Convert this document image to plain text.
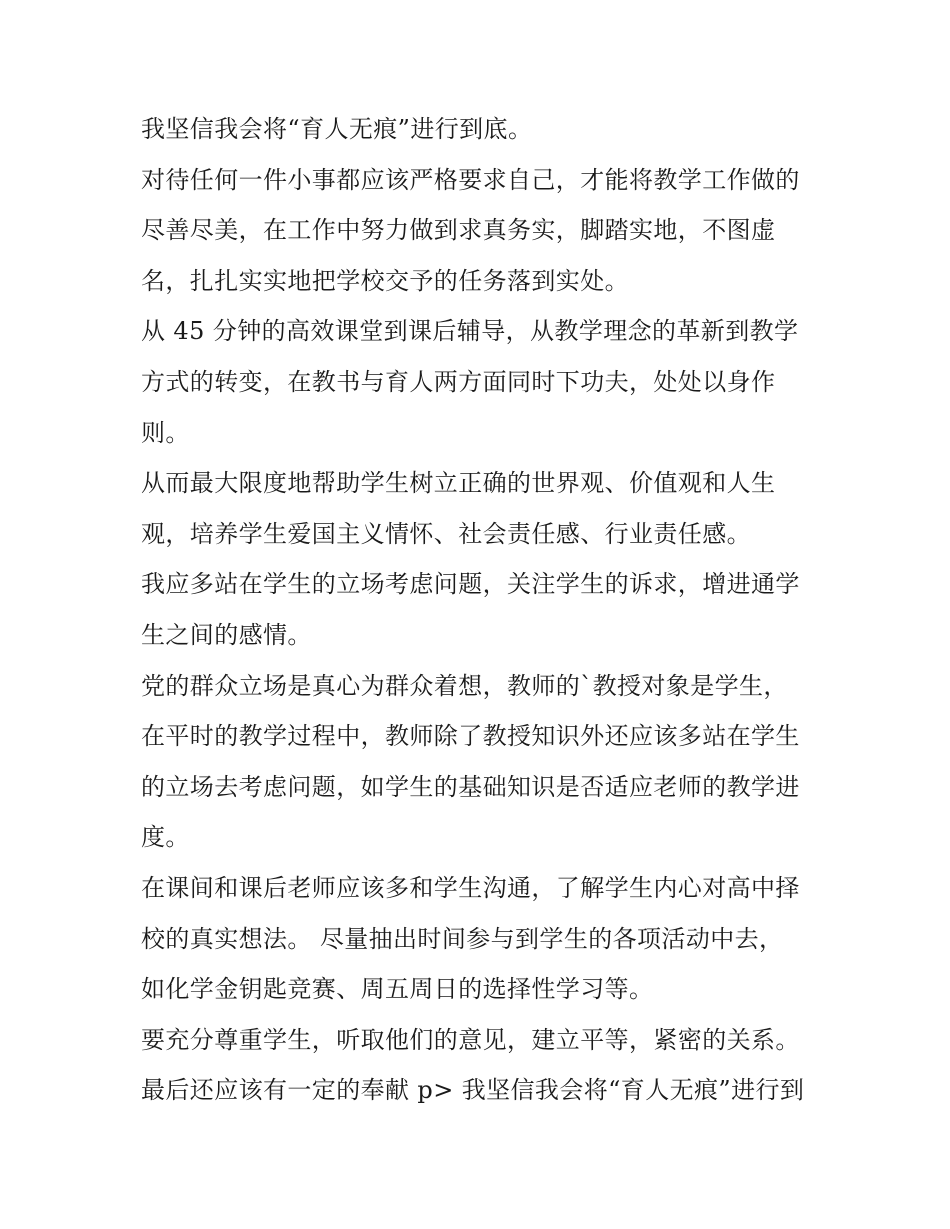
我坚信我会将“育人无痕”进行到底。
对待任何一件小事都应该严格要求自己，才能将教学工作做的
尽善尽美，在工作中努力做到求真务实，脚踏实地，不图虚
名，扎扎实实地把学校交予的任务落到实处。
从 45 分钟的高效课堂到课后辅导，从教学理念的革新到教学
方式的转变，在教书与育人两方面同时下功夫，处处以身作
则。
从而最大限度地帮助学生树立正确的世界观、价值观和人生
观，培养学生爱国主义情怀、社会责任感、行业责任感。
我应多站在学生的立场考虑问题，关注学生的诉求，增进通学
生之间的感情。
党的群众立场是真心为群众着想，教师的`教授对象是学生，
在平时的教学过程中，教师除了教授知识外还应该多站在学生
的立场去考虑问题，如学生的基础知识是否适应老师的教学进
度。
在课间和课后老师应该多和学生沟通，了解学生内心对高中择
校的真实想法。 尽量抽出时间参与到学生的各项活动中去，
如化学金钥匙竞赛、周五周日的选择性学习等。
要充分尊重学生，听取他们的意见，建立平等，紧密的关系。
最后还应该有一定的奉献 p> 我坚信我会将“育人无痕”进行到
